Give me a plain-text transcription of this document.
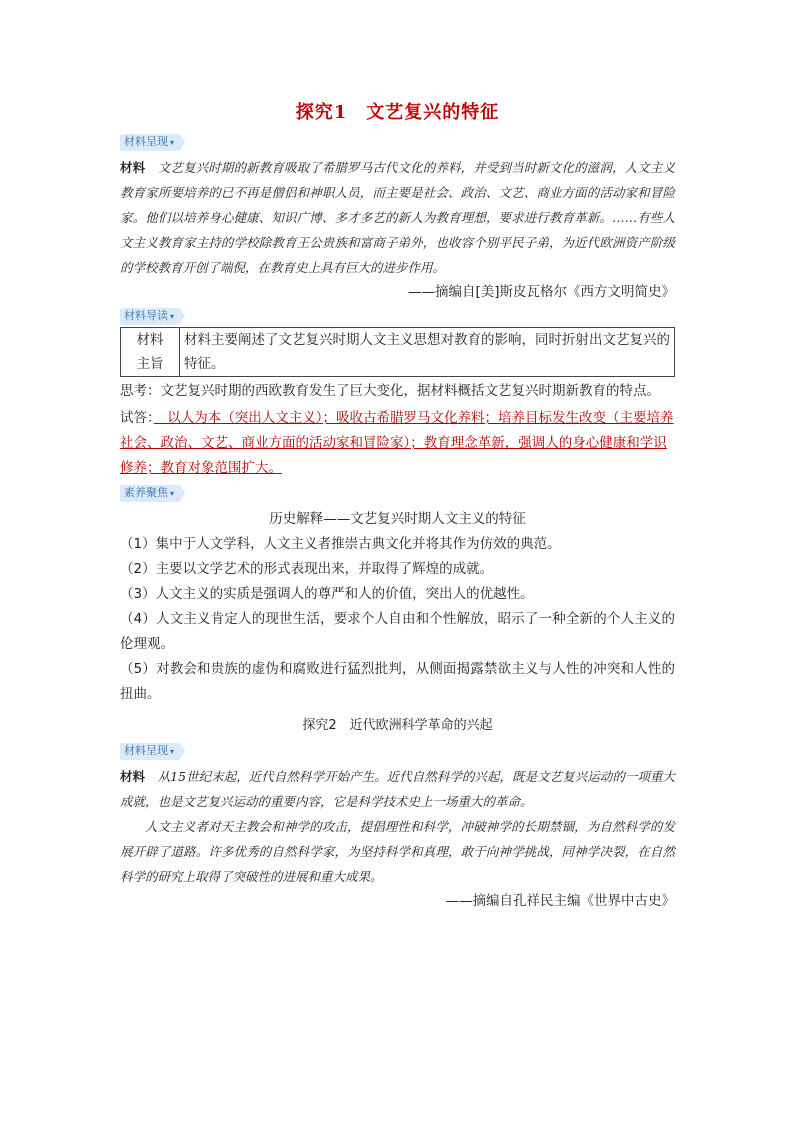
探究1　文艺复兴的特征
材料呈现 ▾

材料　文艺复兴时期的新教育吸取了希腊罗马古代文化的养料，并受到当时新文化的滋润，人文主义教育家所要培养的已不再是僧侣和神职人员，而主要是社会、政治、文艺、商业方面的活动家和冒险家。他们以培养身心健康、知识广博、多才多艺的新人为教育理想，要求进行教育革新。……有些人文主义教育家主持的学校除教育王公贵族和富商子弟外，也收容个别平民子弟，为近代欧洲资产阶级的学校教育开创了端倪，在教育史上具有巨大的进步作用。

——摘编自[美]斯皮瓦格尔《西方文明简史》

材料导读 ▾
材料
主旨	材料主要阐述了文艺复兴时期人文主义思想对教育的影响，同时折射出文艺复兴的特征。

思考：文艺复兴时期的西欧教育发生了巨大变化，据材料概括文艺复兴时期新教育的特点。

试答：　以人为本（突出人文主义）；吸收古希腊罗马文化养料；培养目标发生改变（主要培养社会、政治、文艺、商业方面的活动家和冒险家）；教育理念革新，强调人的身心健康和学识修养；教育对象范围扩大。

素养聚焦 ▾

历史解释——文艺复兴时期人文主义的特征

（1）集中于人文学科，人文主义者推崇古典文化并将其作为仿效的典范。

（2）主要以文学艺术的形式表现出来，并取得了辉煌的成就。

（3）人文主义的实质是强调人的尊严和人的价值，突出人的优越性。

（4）人文主义肯定人的现世生活，要求个人自由和个性解放，昭示了一种全新的个人主义的伦理观。

（5）对教会和贵族的虚伪和腐败进行猛烈批判，从侧面揭露禁欲主义与人性的冲突和人性的扭曲。

探究2　近代欧洲科学革命的兴起

材料呈现 ▾

材料　从15世纪末起，近代自然科学开始产生。近代自然科学的兴起，既是文艺复兴运动的一项重大成就，也是文艺复兴运动的重要内容，它是科学技术史上一场重大的革命。

人文主义者对天主教会和神学的攻击，提倡理性和科学，冲破神学的长期禁锢，为自然科学的发展开辟了道路。许多优秀的自然科学家，为坚持科学和真理，敢于向神学挑战，同神学决裂，在自然科学的研究上取得了突破性的进展和重大成果。

——摘编自孔祥民主编《世界中古史》
